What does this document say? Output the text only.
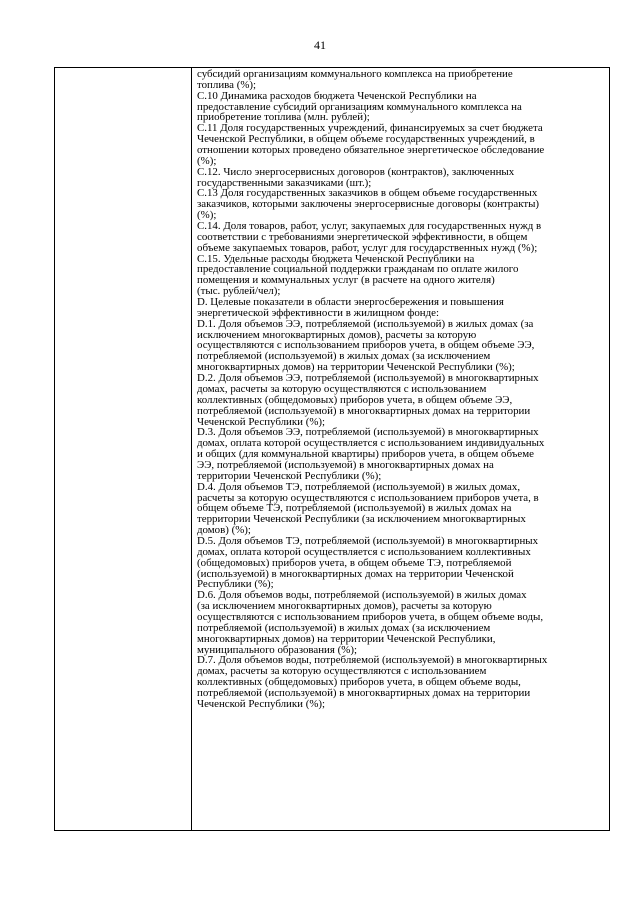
41
субсидий организациям коммунального комплекса на приобретение
топлива (%);
C.10 Динамика расходов бюджета Чеченской Республики на
предоставление субсидий организациям коммунального комплекса на
приобретение топлива (млн. рублей);
C.11 Доля государственных учреждений, финансируемых за счет бюджета
Чеченской Республики, в общем объеме государственных учреждений, в
отношении которых проведено обязательное энергетическое обследование
(%);
C.12. Число энергосервисных договоров (контрактов), заключенных
государственными заказчиками (шт.);
C.13 Доля государственных заказчиков в общем объеме государственных
заказчиков, которыми заключены энергосервисные договоры (контракты)
(%);
C.14. Доля товаров, работ, услуг, закупаемых для государственных нужд в
соответствии с требованиями энергетической эффективности, в общем
объеме закупаемых товаров, работ, услуг для государственных нужд (%);
C.15. Удельные расходы бюджета Чеченской Республики на
предоставление социальной поддержки гражданам по оплате жилого
помещения и коммунальных услуг (в расчете на одного жителя)
(тыс. рублей/чел);
D. Целевые показатели в области энергосбережения и повышения
энергетической эффективности в жилищном фонде:
D.1. Доля объемов ЭЭ, потребляемой (используемой) в жилых домах (за
исключением многоквартирных домов), расчеты за которую
осуществляются с использованием приборов учета, в общем объеме ЭЭ,
потребляемой (используемой) в жилых домах (за исключением
многоквартирных домов) на территории Чеченской Республики (%);
D.2. Доля объемов ЭЭ, потребляемой (используемой) в многоквартирных
домах, расчеты за которую осуществляются с использованием
коллективных (общедомовых) приборов учета, в общем объеме ЭЭ,
потребляемой (используемой) в многоквартирных домах на территории
Чеченской Республики (%);
D.3. Доля объемов ЭЭ, потребляемой (используемой) в многоквартирных
домах, оплата которой осуществляется с использованием индивидуальных
и общих (для коммунальной квартиры) приборов учета, в общем объеме
ЭЭ, потребляемой (используемой) в многоквартирных домах на
территории Чеченской Республики (%);
D.4. Доля объемов ТЭ, потребляемой (используемой) в жилых домах,
расчеты за которую осуществляются с использованием приборов учета, в
общем объеме ТЭ, потребляемой (используемой) в жилых домах на
территории Чеченской Республики (за исключением многоквартирных
домов) (%);
D.5. Доля объемов ТЭ, потребляемой (используемой) в многоквартирных
домах, оплата которой осуществляется с использованием коллективных
(общедомовых) приборов учета, в общем объеме ТЭ, потребляемой
(используемой) в многоквартирных домах на территории Чеченской
Республики (%);
D.6. Доля объемов воды, потребляемой (используемой) в жилых домах
(за исключением многоквартирных домов), расчеты за которую
осуществляются с использованием приборов учета, в общем объеме воды,
потребляемой (используемой) в жилых домах (за исключением
многоквартирных домов) на территории Чеченской Республики,
муниципального образования (%);
D.7. Доля объемов воды, потребляемой (используемой) в многоквартирных
домах, расчеты за которую осуществляются с использованием
коллективных (общедомовых) приборов учета, в общем объеме воды,
потребляемой (используемой) в многоквартирных домах на территории
Чеченской Республики (%);
